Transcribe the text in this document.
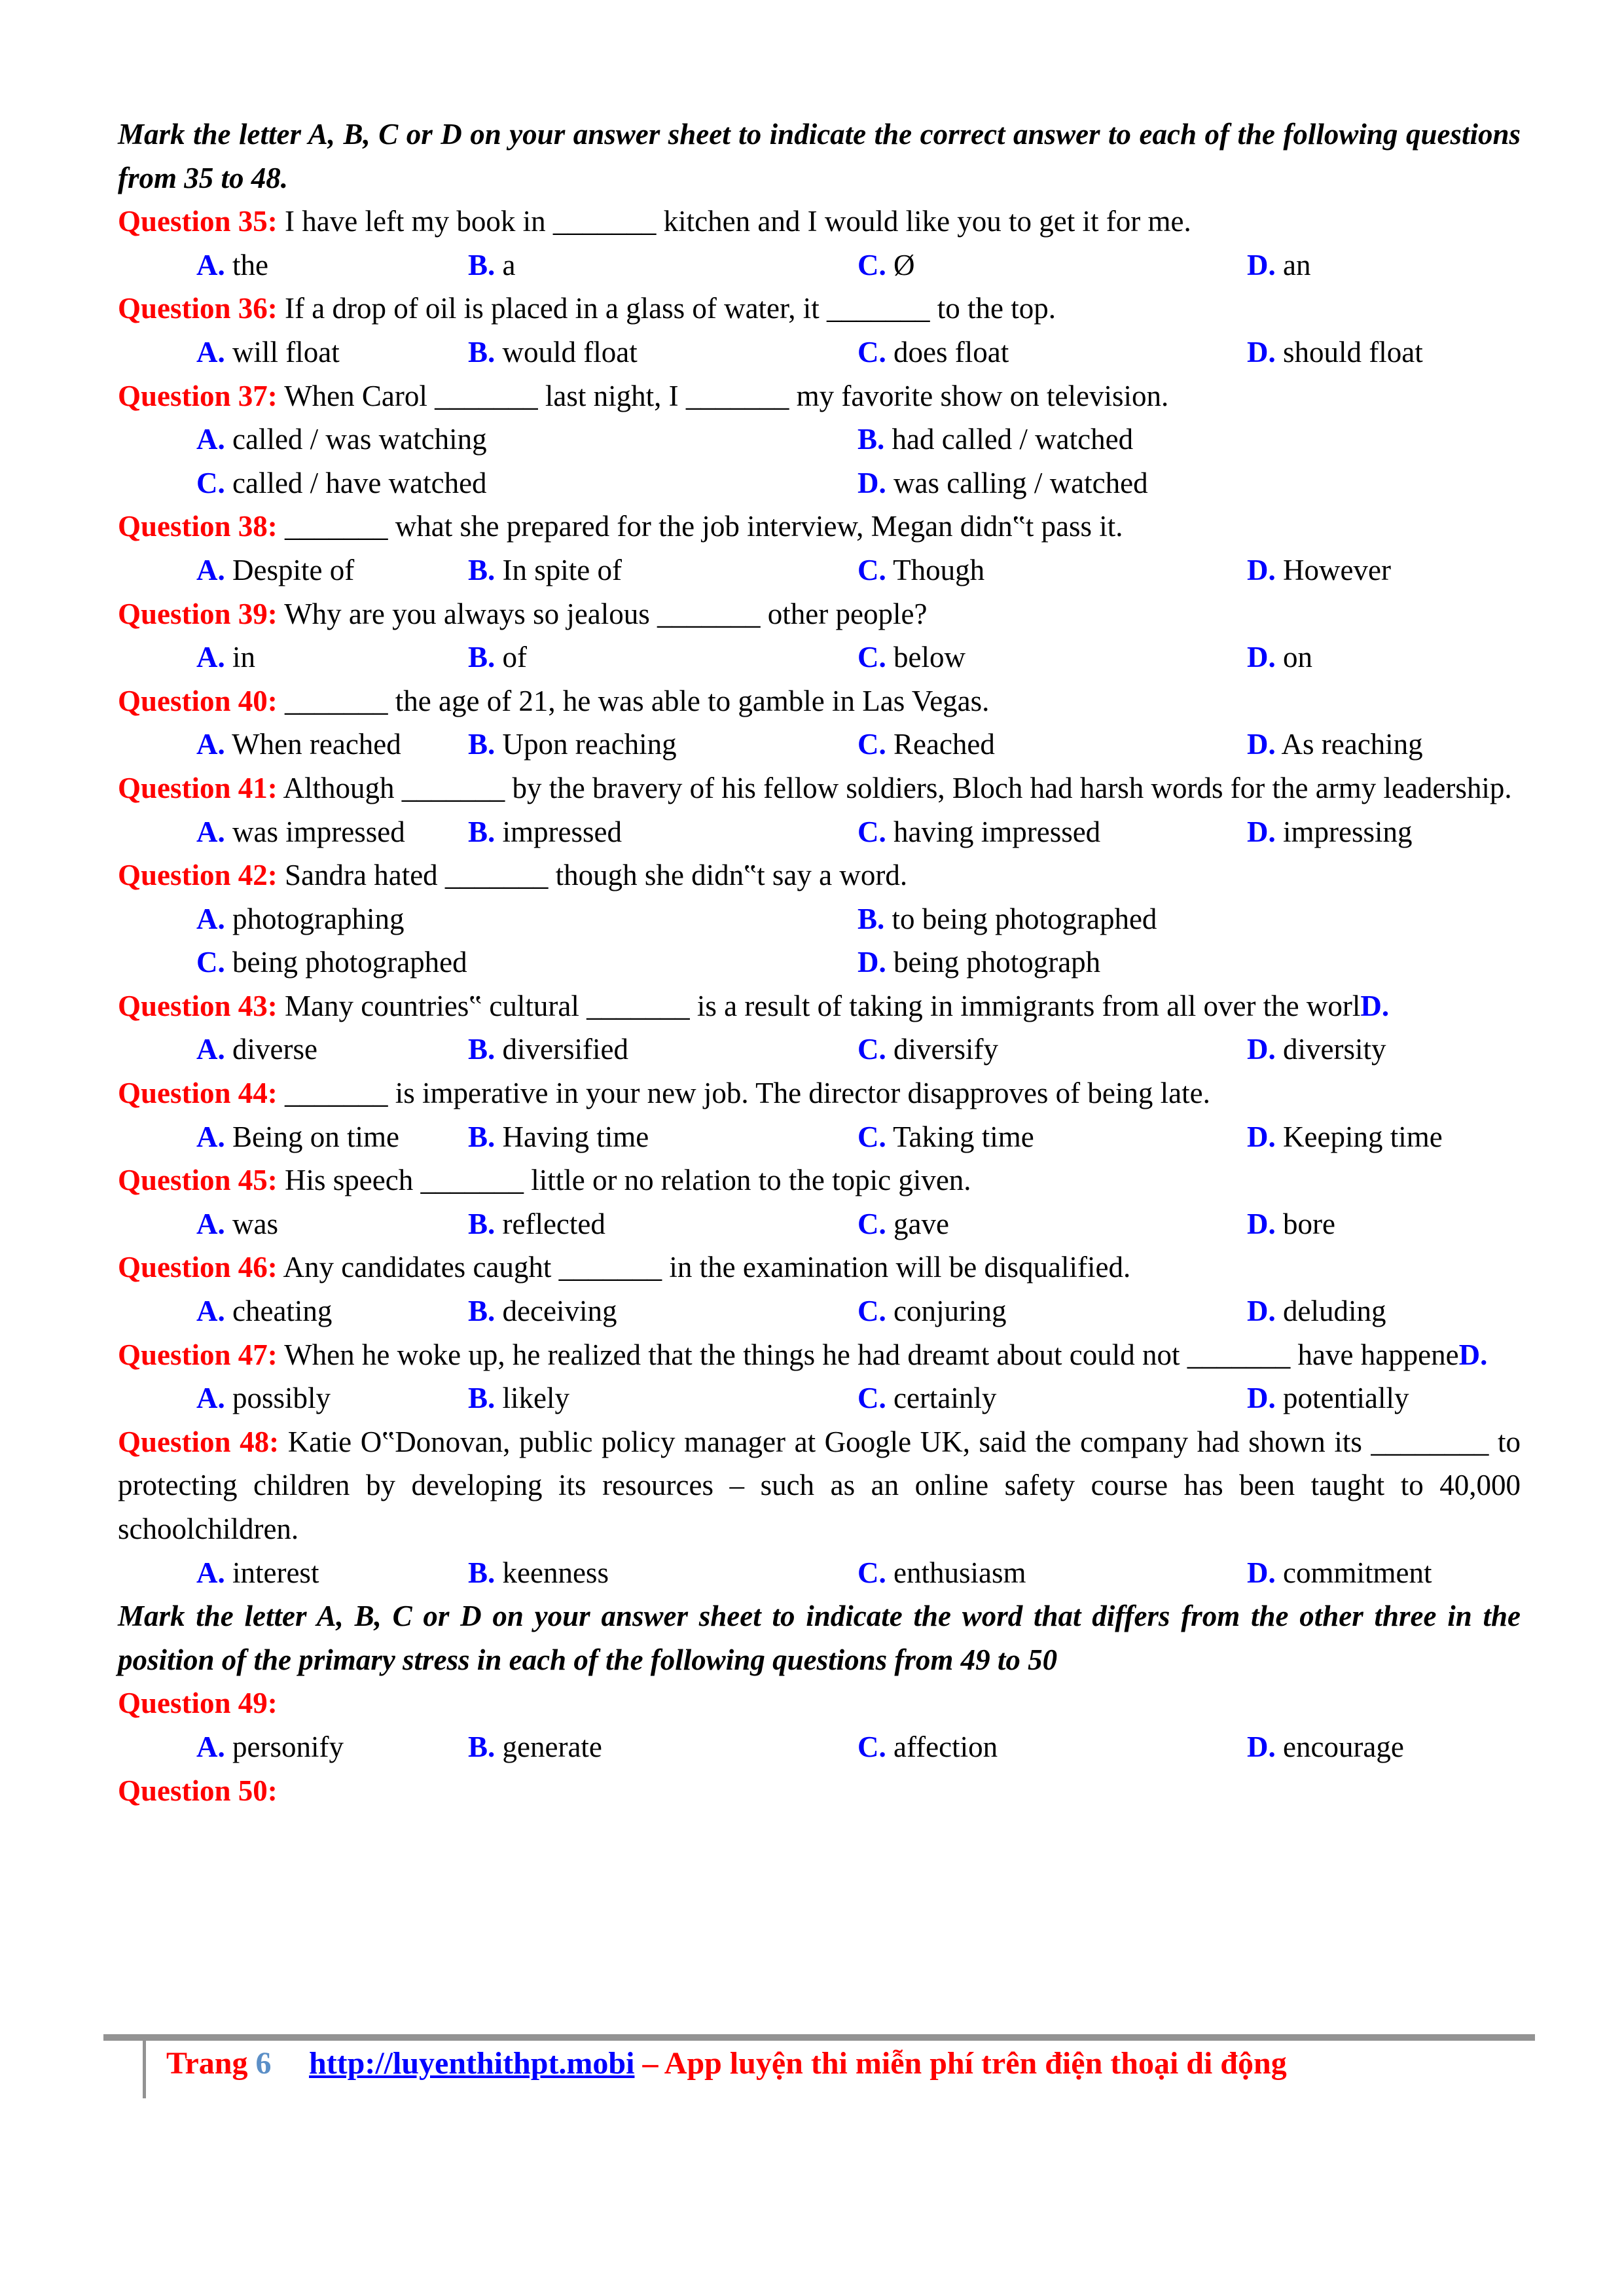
Mark the letter A, B, C or D on your answer sheet to indicate the correct answer to each of the following questions from 35 to 48.
Question 35: I have left my book in _______ kitchen and I would like you to get it for me.
A. the	B. a	C. Ø	D. an
Question 36: If a drop of oil is placed in a glass of water, it _______ to the top.
A. will float	B. would float	C. does float	D. should float
Question 37: When Carol _______ last night, I _______ my favorite show on television.
A. called / was watching	B. had called / watched
C. called / have watched	D. was calling / watched
Question 38: _______ what she prepared for the job interview, Megan didn‟t pass it.
A. Despite of	B. In spite of	C. Though	D. However
Question 39: Why are you always so jealous _______ other people?
A. in	B. of	C. below	D. on
Question 40: _______ the age of 21, he was able to gamble in Las Vegas.
A. When reached B. Upon reaching	C. Reached	D. As reaching
Question 41: Although _______ by the bravery of his fellow soldiers, Bloch had harsh words for the army leadership.
A. was impressed B. impressed	C. having impressed	D. impressing
Question 42: Sandra hated _______ though she didn‟t say a word.
A. photographing	B. to being photographed
C. being photographed	D. being photograph
Question 43: Many countries‟ cultural _______ is a result of taking in immigrants from all over the worlD.
A. diverse	B. diversified	C. diversify	D. diversity
Question 44: _______ is imperative in your new job. The director disapproves of being late.
A. Being on time B. Having time	C. Taking time	D. Keeping time
Question 45: His speech _______ little or no relation to the topic given.
A. was	B. reflected	C. gave	D. bore
Question 46: Any candidates caught _______ in the examination will be disqualified.
A. cheating	B. deceiving	C. conjuring	D. deluding
Question 47: When he woke up, he realized that the things he had dreamt about could not _______ have happeneD.
A. possibly	B. likely	C. certainly	D. potentially
Question 48: Katie O‟Donovan, public policy manager at Google UK, said the company had shown its ________ to protecting children by developing its resources – such as an online safety course has been taught to 40,000 schoolchildren.
A. interest	B. keenness	C. enthusiasm	D. commitment
Mark the letter A, B, C or D on your answer sheet to indicate the word that differs from the other three in the position of the primary stress in each of the following questions from 49 to 50
Question 49:
A. personify	B. generate	C. affection	D. encourage
Question 50:
Trang 6 http://luyenthithpt.mobi – App luyện thi miễn phí trên điện thoại di động
